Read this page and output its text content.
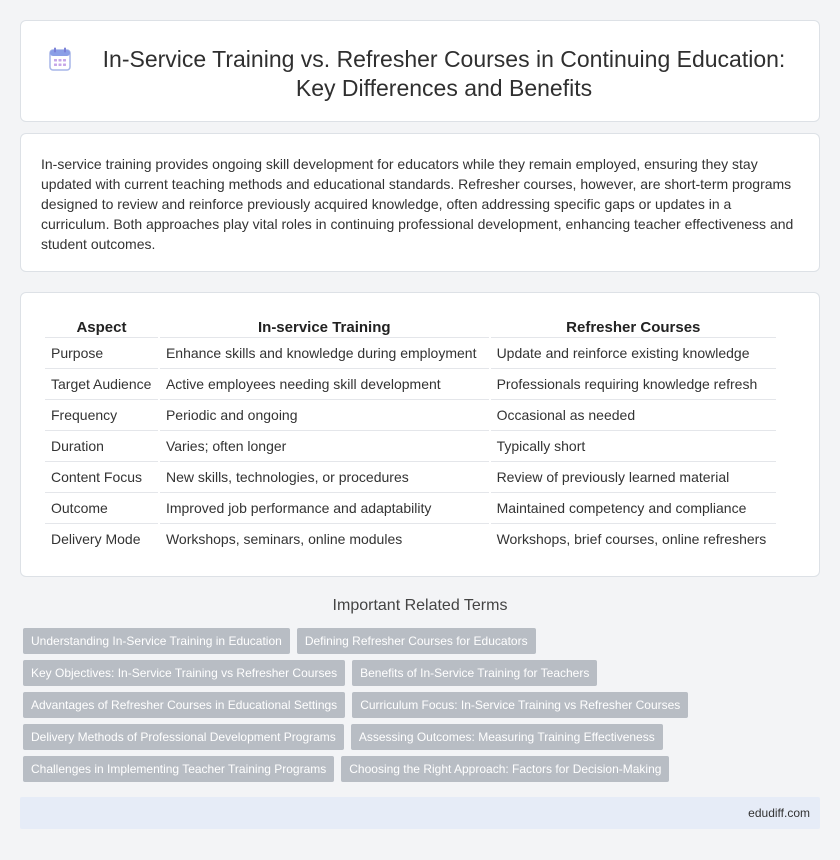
In-Service Training vs. Refresher Courses in Continuing Education: Key Differences and Benefits

In-service training provides ongoing skill development for educators while they remain employed, ensuring they stay updated with current teaching methods and educational standards. Refresher courses, however, are short-term programs designed to review and reinforce previously acquired knowledge, often addressing specific gaps or updates in a curriculum. Both approaches play vital roles in continuing professional development, enhancing teacher effectiveness and student outcomes.

Aspect	In-service Training	Refresher Courses
Purpose	Enhance skills and knowledge during employment	Update and reinforce existing knowledge
Target Audience	Active employees needing skill development	Professionals requiring knowledge refresh
Frequency	Periodic and ongoing	Occasional as needed
Duration	Varies; often longer	Typically short
Content Focus	New skills, technologies, or procedures	Review of previously learned material
Outcome	Improved job performance and adaptability	Maintained competency and compliance
Delivery Mode	Workshops, seminars, online modules	Workshops, brief courses, online refreshers
Important Related Terms
Understanding In-Service Training in Education	Defining Refresher Courses for Educators
Key Objectives: In-Service Training vs Refresher Courses	Benefits of In-Service Training for Teachers
Advantages of Refresher Courses in Educational Settings	Curriculum Focus: In-Service Training vs Refresher Courses
Delivery Methods of Professional Development Programs	Assessing Outcomes: Measuring Training Effectiveness
Challenges in Implementing Teacher Training Programs	Choosing the Right Approach: Factors for Decision-Making
edudiff.com
